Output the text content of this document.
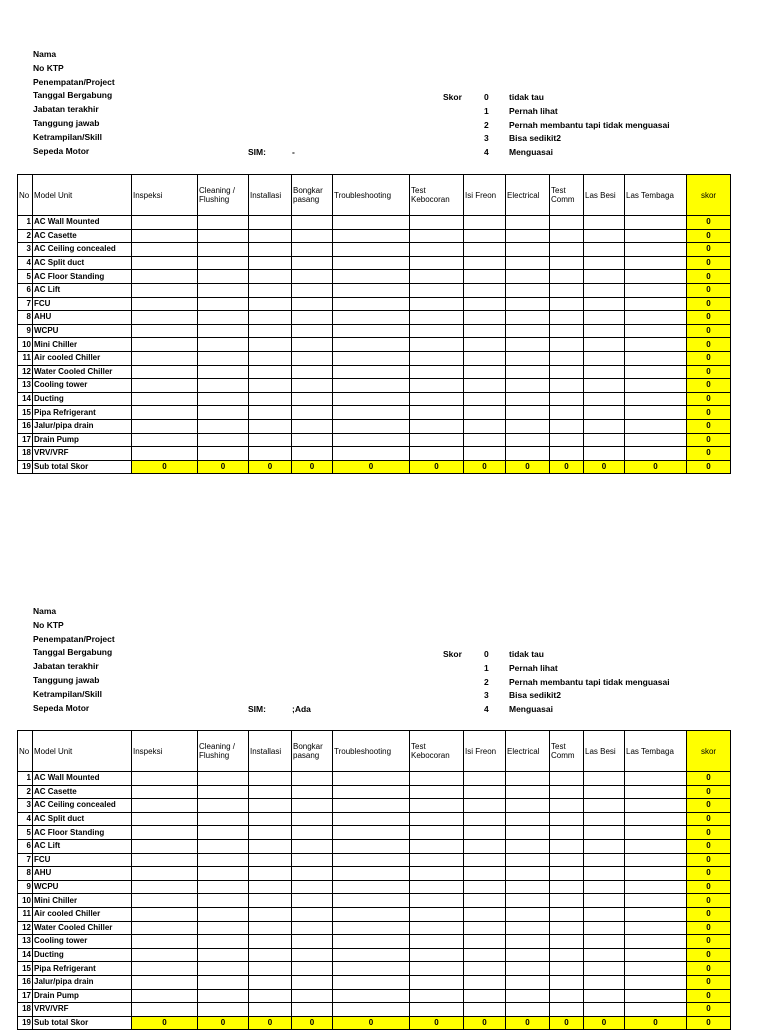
Nama
No KTP
Penempatan/Project
Tanggal Bergabung
Jabatan terakhir
Tanggung jawab
Ketrampilan/Skill
Sepeda Motor	SIM:	-
Skor	0 tidak tau
1 Pernah lihat
2 Pernah membantu tapi tidak menguasai
3 Bisa sedikit2
4 Menguasai
No	Model Unit	Inspeksi	Cleaning / Flushing	Installasi	Bongkar pasang	Troubleshooting	Test Kebocoran	Isi Freon	Electrical	Test Comm	Las Besi	Las Tembaga	skor
1	AC Wall Mounted												0
2	AC Casette												0
3	AC Ceiling concealed												0
4	AC Split duct												0
5	AC Floor Standing												0
6	AC Lift												0
7	FCU												0
8	AHU												0
9	WCPU												0
10	Mini Chiller												0
11	Air cooled Chiller												0
12	Water Cooled Chiller												0
13	Cooling tower												0
14	Ducting												0
15	Pipa Refrigerant												0
16	Jalur/pipa drain												0
17	Drain Pump												0
18	VRV/VRF												0
19	Sub total Skor	0	0	0	0	0	0	0	0	0	0	0	0
Nama
No KTP
Penempatan/Project
Tanggal Bergabung
Jabatan terakhir
Tanggung jawab
Ketrampilan/Skill
Sepeda Motor	SIM:	;Ada
Skor	0 tidak tau
1 Pernah lihat
2 Pernah membantu tapi tidak menguasai
3 Bisa sedikit2
4 Menguasai
No	Model Unit	Inspeksi	Cleaning / Flushing	Installasi	Bongkar pasang	Troubleshooting	Test Kebocoran	Isi Freon	Electrical	Test Comm	Las Besi	Las Tembaga	skor
1	AC Wall Mounted												0
2	AC Casette												0
3	AC Ceiling concealed												0
4	AC Split duct												0
5	AC Floor Standing												0
6	AC Lift												0
7	FCU												0
8	AHU												0
9	WCPU												0
10	Mini Chiller												0
11	Air cooled Chiller												0
12	Water Cooled Chiller												0
13	Cooling tower												0
14	Ducting												0
15	Pipa Refrigerant												0
16	Jalur/pipa drain												0
17	Drain Pump												0
18	VRV/VRF												0
19	Sub total Skor	0	0	0	0	0	0	0	0	0	0	0	0
